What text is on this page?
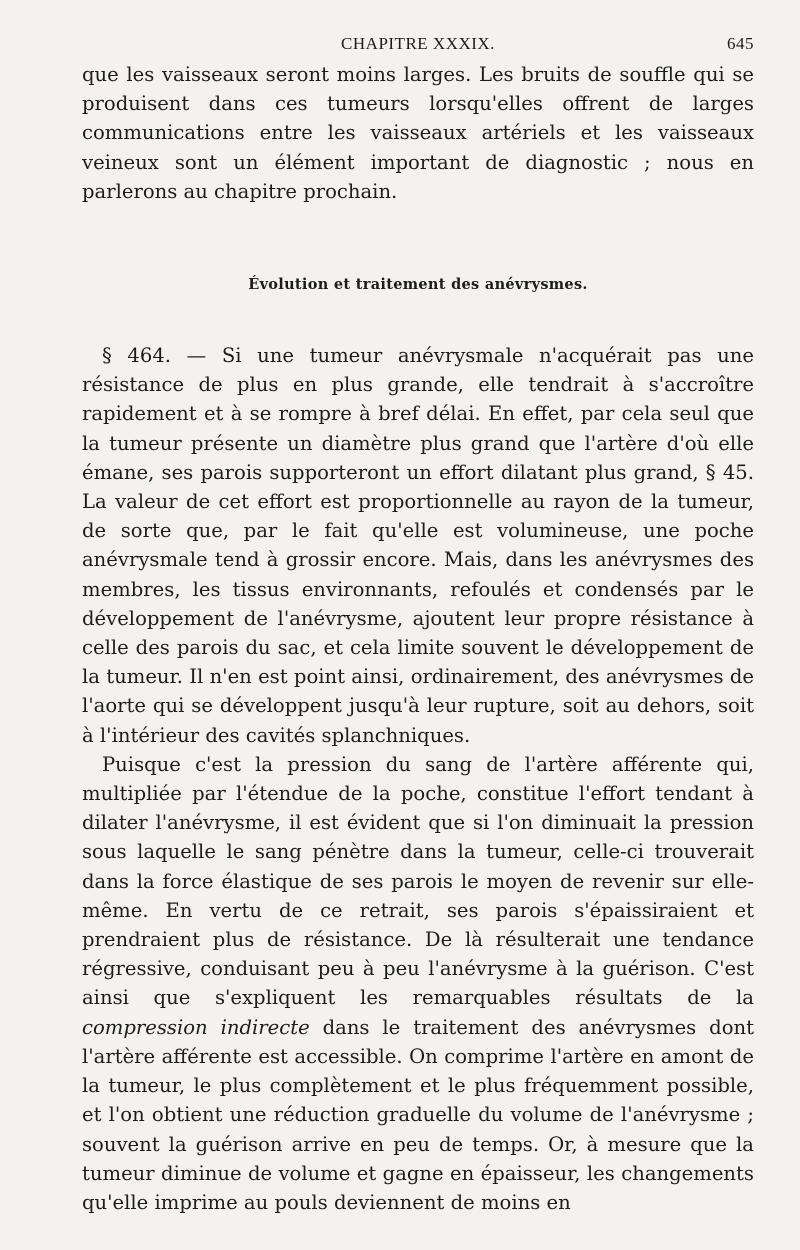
CHAPITRE XXXIX.	645

que les vaisseaux seront moins larges. Les bruits de souffle qui se produisent dans ces tumeurs lorsqu'elles offrent de larges communications entre les vaisseaux artériels et les vaisseaux veineux sont un élément important de diagnostic ; nous en parlerons au chapitre prochain.

Évolution et traitement des anévrysmes.

§ 464. — Si une tumeur anévrysmale n'acquérait pas une résistance de plus en plus grande, elle tendrait à s'accroître rapidement et à se rompre à bref délai. En effet, par cela seul que la tumeur présente un diamètre plus grand que l'artère d'où elle émane, ses parois supporteront un effort dilatant plus grand, § 45. La valeur de cet effort est proportionnelle au rayon de la tumeur, de sorte que, par le fait qu'elle est volumineuse, une poche anévrysmale tend à grossir encore. Mais, dans les anévrysmes des membres, les tissus environnants, refoulés et condensés par le développement de l'anévrysme, ajoutent leur propre résistance à celle des parois du sac, et cela limite souvent le développement de la tumeur. Il n'en est point ainsi, ordinairement, des anévrysmes de l'aorte qui se développent jusqu'à leur rupture, soit au dehors, soit à l'intérieur des cavités splanchniques.

Puisque c'est la pression du sang de l'artère afférente qui, multipliée par l'étendue de la poche, constitue l'effort tendant à dilater l'anévrysme, il est évident que si l'on diminuait la pression sous laquelle le sang pénètre dans la tumeur, celle-ci trouverait dans la force élastique de ses parois le moyen de revenir sur elle-même. En vertu de ce retrait, ses parois s'épaissiraient et prendraient plus de résistance. De là résulterait une tendance régressive, conduisant peu à peu l'anévrysme à la guérison. C'est ainsi que s'expliquent les remarquables résultats de la compression indirecte dans le traitement des anévrysmes dont l'artère afférente est accessible. On comprime l'artère en amont de la tumeur, le plus complètement et le plus fréquemment possible, et l'on obtient une réduction graduelle du volume de l'anévrysme ; souvent la guérison arrive en peu de temps. Or, à mesure que la tumeur diminue de volume et gagne en épaisseur, les changements qu'elle imprime au pouls deviennent de moins en
